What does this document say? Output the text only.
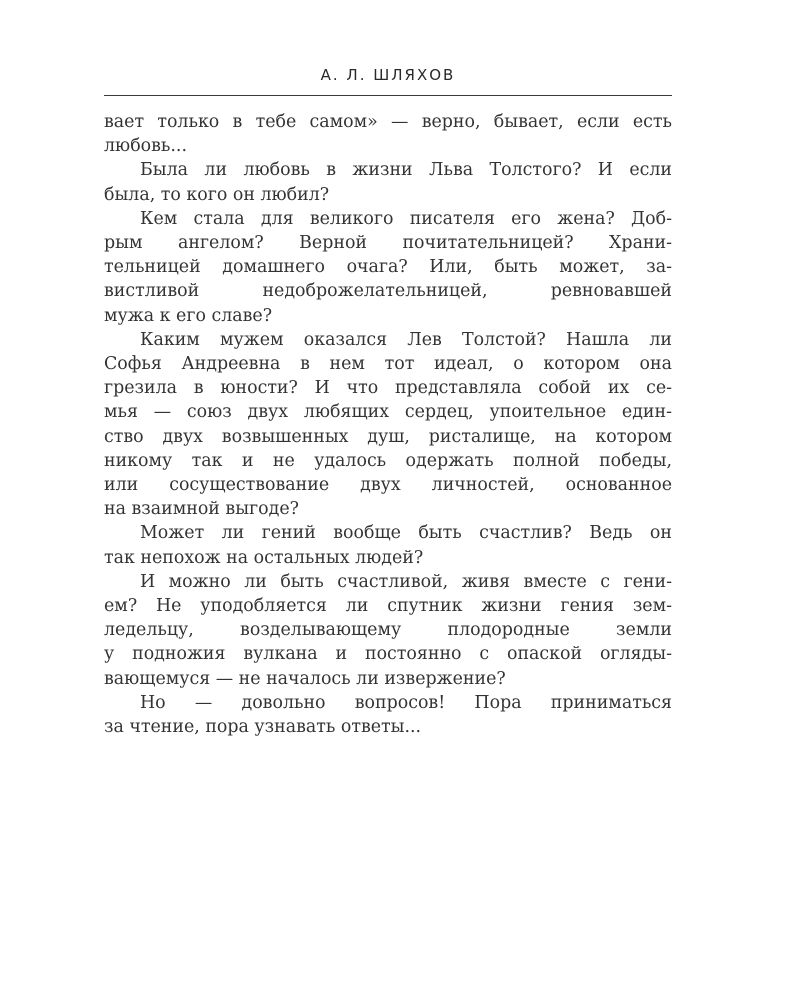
А. Л. ШЛЯХОВ

вает только в тебе самом» — верно, бывает, если есть
любовь...

Была ли любовь в жизни Льва Толстого? И если
была, то кого он любил?

Кем стала для великого писателя его жена? Доб-
рым ангелом? Верной почитательницей? Храни-
тельницей домашнего очага? Или, быть может, за-
вистливой недоброжелательницей, ревновавшей
мужа к его славе?

Каким мужем оказался Лев Толстой? Нашла ли
Софья Андреевна в нем тот идеал, о котором она
грезила в юности? И что представляла собой их се-
мья — союз двух любящих сердец, упоительное един-
ство двух возвышенных душ, ристалище, на котором
никому так и не удалось одержать полной победы,
или сосуществование двух личностей, основанное
на взаимной выгоде?

Может ли гений вообще быть счастлив? Ведь он
так непохож на остальных людей?

И можно ли быть счастливой, живя вместе с гени-
ем? Не уподобляется ли спутник жизни гения зем-
ледельцу, возделывающему плодородные земли
у подножия вулкана и постоянно с опаской огляды-
вающемуся — не началось ли извержение?

Но — довольно вопросов! Пора приниматься
за чтение, пора узнавать ответы...
